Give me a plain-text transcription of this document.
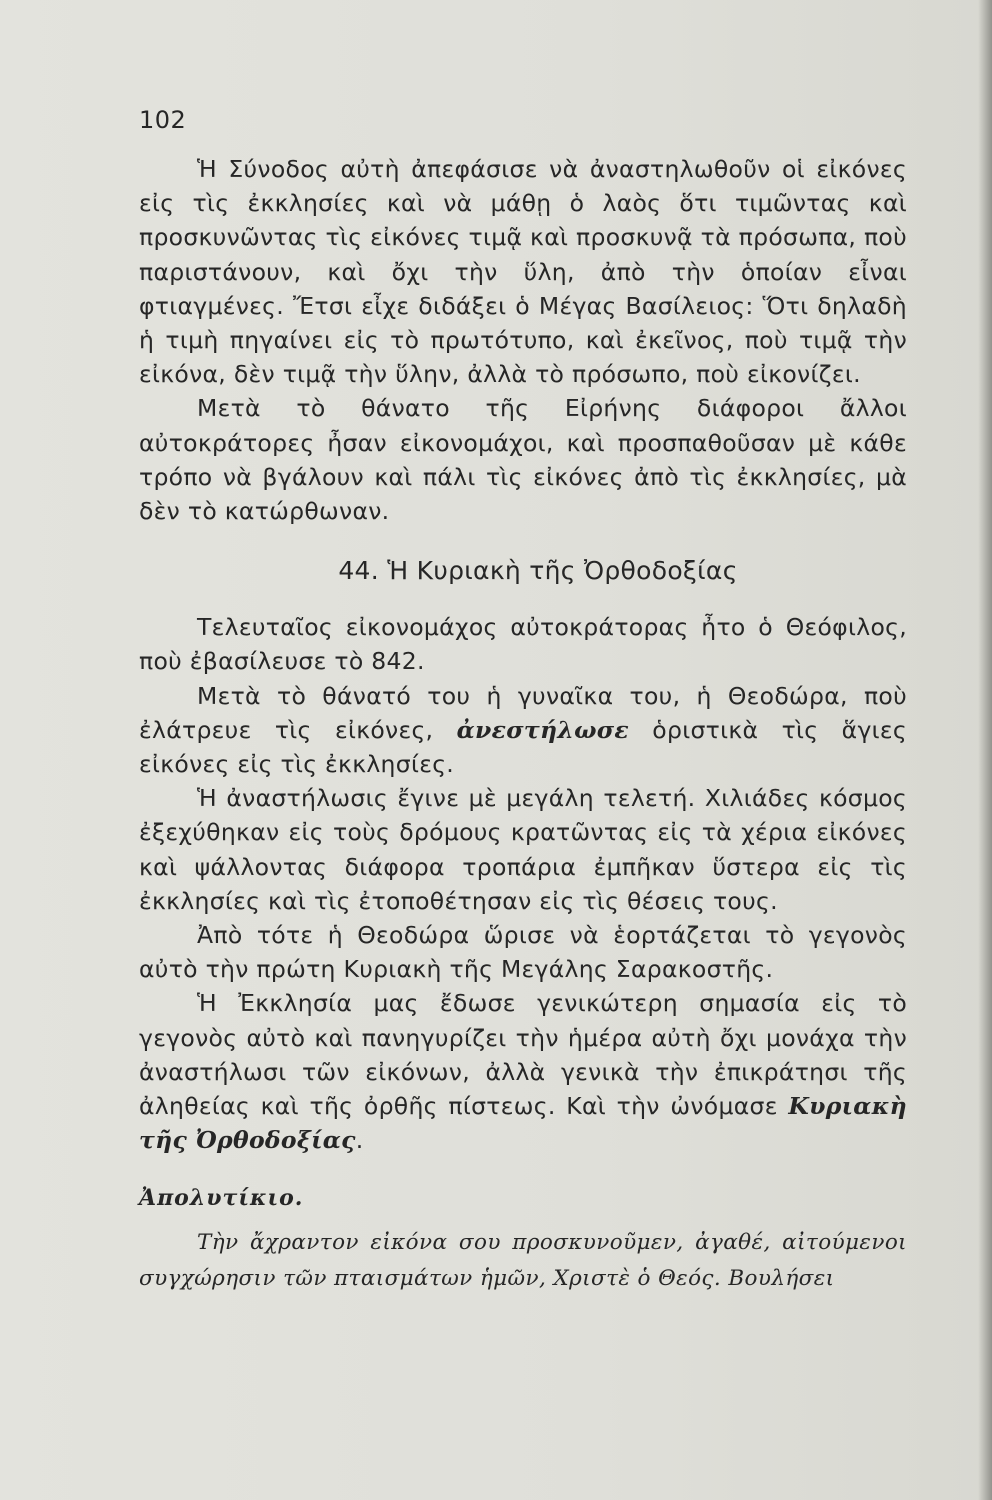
102

Ἡ Σύνοδος αὐτὴ ἀπεφάσισε νὰ ἀναστηλωθοῦν οἱ εἰκόνες εἰς τὶς ἐκκλησίες καὶ νὰ μάθῃ ὁ λαὸς ὅτι τιμῶντας καὶ προσκυνῶντας τὶς εἰκόνες τιμᾷ καὶ προσκυνᾷ τὰ πρόσωπα, ποὺ παριστάνουν, καὶ ὄχι τὴν ὕλη, ἀπὸ τὴν ὁποίαν εἶναι φτιαγμένες. Ἔτσι εἶχε διδάξει ὁ Μέγας Βασίλειος: Ὅτι δηλαδὴ ἡ τιμὴ πηγαίνει εἰς τὸ πρωτότυπο, καὶ ἐκεῖνος, ποὺ τιμᾷ τὴν εἰκόνα, δὲν τιμᾷ τὴν ὕλην, ἀλλὰ τὸ πρόσωπο, ποὺ εἰκονίζει.

Μετὰ τὸ θάνατο τῆς Εἰρήνης διάφοροι ἄλλοι αὐτοκράτορες ἦσαν εἰκονομάχοι, καὶ προσπαθοῦσαν μὲ κάθε τρόπο νὰ βγάλουν καὶ πάλι τὶς εἰκόνες ἀπὸ τὶς ἐκκλησίες, μὰ δὲν τὸ κατώρθωναν.

44. Ἡ Κυριακὴ τῆς Ὀρθοδοξίας

Τελευταῖος εἰκονομάχος αὐτοκράτορας ἦτο ὁ Θεόφιλος, ποὺ ἐβασίλευσε τὸ 842.

Μετὰ τὸ θάνατό του ἡ γυναῖκα του, ἡ Θεοδώρα, ποὺ ἐλάτρευε τὶς εἰκόνες, ἀνεστήλωσε ὁριστικὰ τὶς ἅγιες εἰκόνες εἰς τὶς ἐκκλησίες.

Ἡ ἀναστήλωσις ἔγινε μὲ μεγάλη τελετή. Χιλιάδες κόσμος ἐξεχύθηκαν εἰς τοὺς δρόμους κρατῶντας εἰς τὰ χέρια εἰκόνες καὶ ψάλλοντας διάφορα τροπάρια ἐμπῆκαν ὕστερα εἰς τὶς ἐκκλησίες καὶ τὶς ἐτοποθέτησαν εἰς τὶς θέσεις τους.

Ἀπὸ τότε ἡ Θεοδώρα ὥρισε νὰ ἑορτάζεται τὸ γεγονὸς αὐτὸ τὴν πρώτη Κυριακὴ τῆς Μεγάλης Σαρακοστῆς.

Ἡ Ἐκκλησία μας ἔδωσε γενικώτερη σημασία εἰς τὸ γεγονὸς αὐτὸ καὶ πανηγυρίζει τὴν ἡμέρα αὐτὴ ὄχι μονάχα τὴν ἀναστήλωσι τῶν εἰκόνων, ἀλλὰ γενικὰ τὴν ἐπικράτησι τῆς ἀληθείας καὶ τῆς ὀρθῆς πίστεως. Καὶ τὴν ὠνόμασε Κυριακὴ τῆς Ὀρθοδοξίας.

Ἀπολυτίκιο.

Τὴν ἄχραντον εἰκόνα σου προσκυνοῦμεν, ἀγαθέ, αἰτούμενοι συγχώρησιν τῶν πταισμάτων ἡμῶν, Χριστὲ ὁ Θεός. Βουλήσει
